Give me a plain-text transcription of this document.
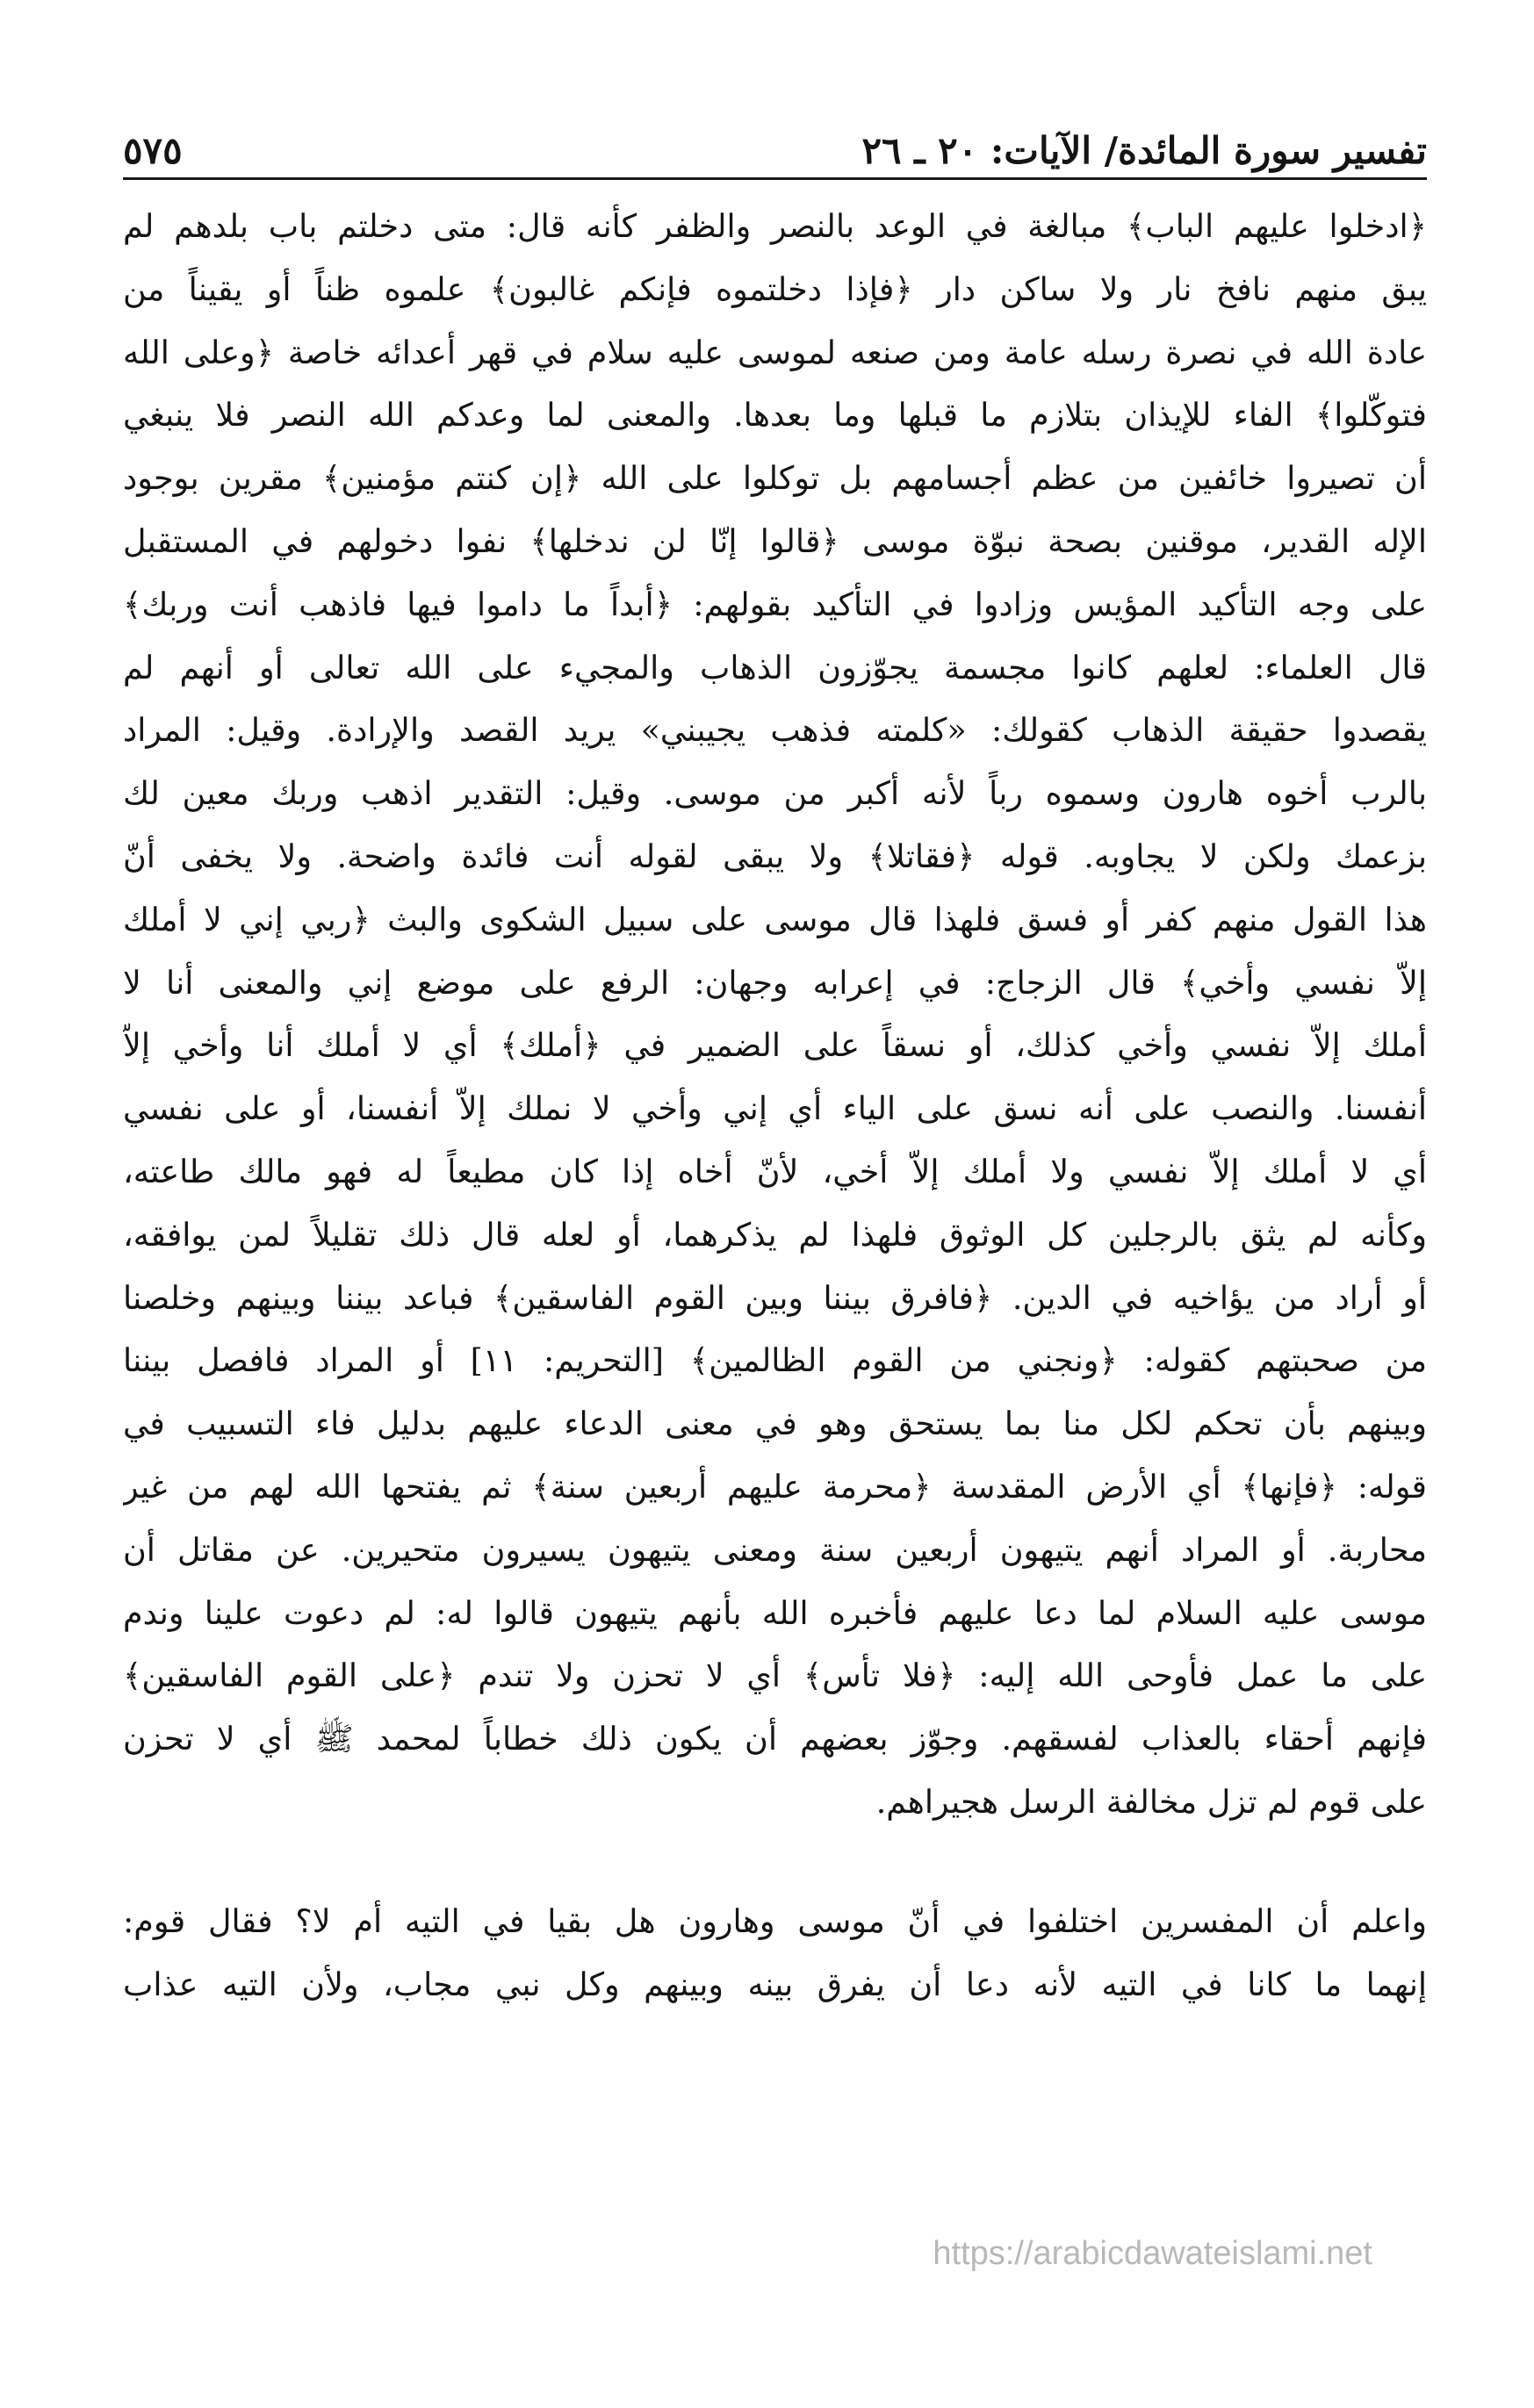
تفسير سورة المائدة/ الآيات: ٢٠ ـ ٢٦
٥٧٥
﴿ادخلوا عليهم الباب﴾ مبالغة في الوعد بالنصر والظفر كأنه قال: متى دخلتم باب بلدهم لم
يبق منهم نافخ نار ولا ساكن دار ﴿فإذا دخلتموه فإنكم غالبون﴾ علموه ظناً أو يقيناً من
عادة الله في نصرة رسله عامة ومن صنعه لموسى عليه سلام في قهر أعدائه خاصة ﴿وعلى الله
فتوكّلوا﴾ الفاء للإيذان بتلازم ما قبلها وما بعدها. والمعنى لما وعدكم الله النصر فلا ينبغي
أن تصيروا خائفين من عظم أجسامهم بل توكلوا على الله ﴿إن كنتم مؤمنين﴾ مقرين بوجود
الإله القدير، موقنين بصحة نبوّة موسى ﴿قالوا إنّا لن ندخلها﴾ نفوا دخولهم في المستقبل
على وجه التأكيد المؤيس وزادوا في التأكيد بقولهم: ﴿أبداً ما داموا فيها فاذهب أنت وربك﴾
قال العلماء: لعلهم كانوا مجسمة يجوّزون الذهاب والمجيء على الله تعالى أو أنهم لم
يقصدوا حقيقة الذهاب كقولك: «كلمته فذهب يجيبني» يريد القصد والإرادة. وقيل: المراد
بالرب أخوه هارون وسموه رباً لأنه أكبر من موسى. وقيل: التقدير اذهب وربك معين لك
بزعمك ولكن لا يجاوبه. قوله ﴿فقاتلا﴾ ولا يبقى لقوله أنت فائدة واضحة. ولا يخفى أنّ
هذا القول منهم كفر أو فسق فلهذا قال موسى على سبيل الشكوى والبث ﴿ربي إني لا أملك
إلاّ نفسي وأخي﴾ قال الزجاج: في إعرابه وجهان: الرفع على موضع إني والمعنى أنا لا
أملك إلاّ نفسي وأخي كذلك، أو نسقاً على الضمير في ﴿أملك﴾ أي لا أملك أنا وأخي إلاّ
أنفسنا. والنصب على أنه نسق على الياء أي إني وأخي لا نملك إلاّ أنفسنا، أو على نفسي
أي لا أملك إلاّ نفسي ولا أملك إلاّ أخي، لأنّ أخاه إذا كان مطيعاً له فهو مالك طاعته،
وكأنه لم يثق بالرجلين كل الوثوق فلهذا لم يذكرهما، أو لعله قال ذلك تقليلاً لمن يوافقه،
أو أراد من يؤاخيه في الدين. ﴿فافرق بيننا وبين القوم الفاسقين﴾ فباعد بيننا وبينهم وخلصنا
من صحبتهم كقوله: ﴿ونجني من القوم الظالمين﴾ [التحريم: ١١] أو المراد فافصل بيننا
وبينهم بأن تحكم لكل منا بما يستحق وهو في معنى الدعاء عليهم بدليل فاء التسبيب في
قوله: ﴿فإنها﴾ أي الأرض المقدسة ﴿محرمة عليهم أربعين سنة﴾ ثم يفتحها الله لهم من غير
محاربة. أو المراد أنهم يتيهون أربعين سنة ومعنى يتيهون يسيرون متحيرين. عن مقاتل أن
موسى عليه السلام لما دعا عليهم فأخبره الله بأنهم يتيهون قالوا له: لم دعوت علينا وندم
على ما عمل فأوحى الله إليه: ﴿فلا تأس﴾ أي لا تحزن ولا تندم ﴿على القوم الفاسقين﴾
فإنهم أحقاء بالعذاب لفسقهم. وجوّز بعضهم أن يكون ذلك خطاباً لمحمد ﷺ أي لا تحزن
على قوم لم تزل مخالفة الرسل هجيراهم.
واعلم أن المفسرين اختلفوا في أنّ موسى وهارون هل بقيا في التيه أم لا؟ فقال قوم:
إنهما ما كانا في التيه لأنه دعا أن يفرق بينه وبينهم وكل نبي مجاب، ولأن التيه عذاب
https://arabicdawateislami.net
